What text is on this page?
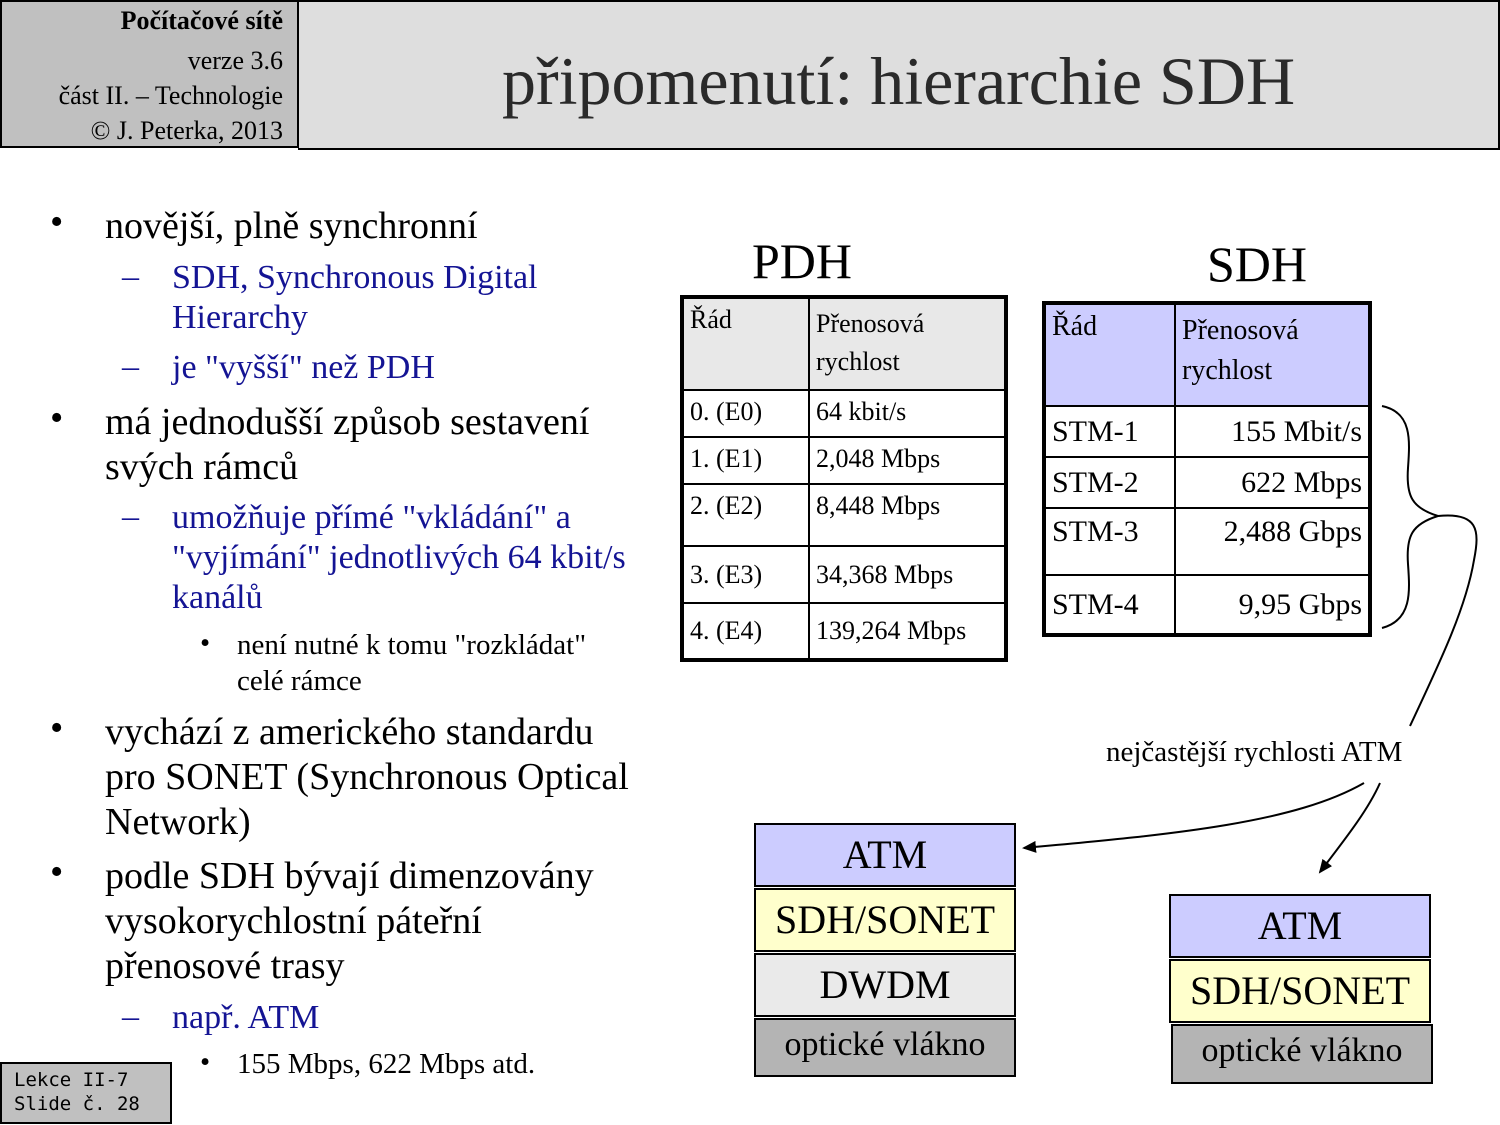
Počítačové sítě
verze 3.6
část II. – Technologie
© J. Peterka, 2013
připomenutí: hierarchie SDH
• novější, plně synchronní
– SDH, Synchronous Digital
Hierarchy
– je "vyšší" než PDH
• má jednodušší způsob sestavení
svých rámců
– umožňuje přímé "vkládání" a
"vyjímání" jednotlivých 64 kbit/s
kanálů
• není nutné k tomu "rozkládat"
celé rámce
• vychází z amerického standardu
pro SONET (Synchronous Optical
Network)
• podle SDH bývají dimenzovány
vysokorychlostní páteřní
přenosové trasy
– např. ATM
• 155 Mbps, 622 Mbps atd.
PDH
Řád	Přenosová
rychlost

0. (E0)	64 kbit/s
1. (E1)	2,048 Mbps
2. (E2)	8,448 Mbps
3. (E3)	34,368 Mbps
4. (E4)	139,264 Mbps
SDH
Řád	Přenosová
rychlost

STM-1	155 Mbit/s
STM-2	622 Mbps
STM-3	2,488 Gbps
STM-4	9,95 Gbps
nejčastější rychlosti ATM
ATM
SDH/SONET
DWDM
optické vlákno
ATM
SDH/SONET
optické vlákno
Lekce II-7
Slide č. 28
